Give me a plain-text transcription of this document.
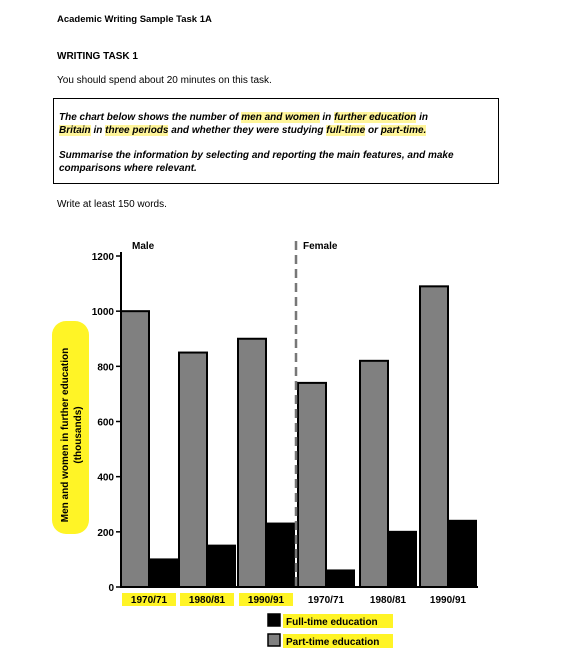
Academic Writing Sample Task 1A
WRITING TASK 1
You should spend about 20 minutes on this task.

The chart below shows the number of men and women in further education in
Britain in three periods and whether they were studying full-time or part-time.

Summarise the information by selecting and reporting the main features, and make comparisons where relevant.

Write at least 150 words.
Men and women in further education (thousands)
0
200
400
600
800
1000
1200
1970/71 1980/81 1990/91 1970/71	1980/81 1990/91
Male	Female
Full-time education
Part-time education
